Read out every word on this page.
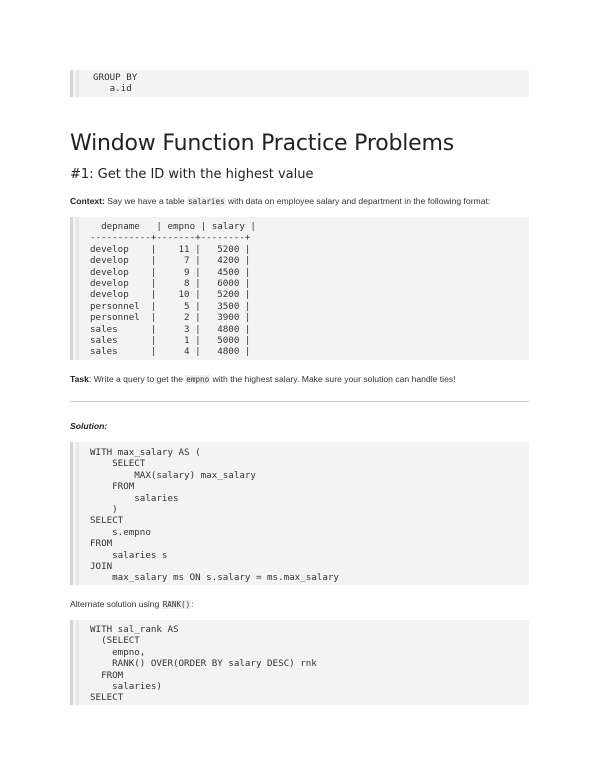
GROUP BY
a.id
Window Function Practice Problems
#1: Get the ID with the highest value

Context: Say we have a table salaries with data on employee salary and department in the following format:

depname   | empno | salary |
-----------+-------+--------+
develop    |    11 |   5200 |
develop    |     7 |   4200 |
develop    |     9 |   4500 |
develop    |     8 |   6000 |
develop    |    10 |   5200 |
personnel  |     5 |   3500 |
personnel  |     2 |   3900 |
sales      |     3 |   4800 |
sales      |     1 |   5000 |
sales      |     4 |   4800 |

Task: Write a query to get the empno with the highest salary. Make sure your solution can handle ties!

Solution:

WITH max_salary AS (
SELECT
MAX(salary) max_salary
FROM
salaries
)
SELECT
s.empno
FROM
salaries s
JOIN
max_salary ms ON s.salary = ms.max_salary

Alternate solution using RANK():

WITH sal_rank AS
(SELECT
empno,
RANK() OVER(ORDER BY salary DESC) rnk
FROM
salaries)
SELECT
